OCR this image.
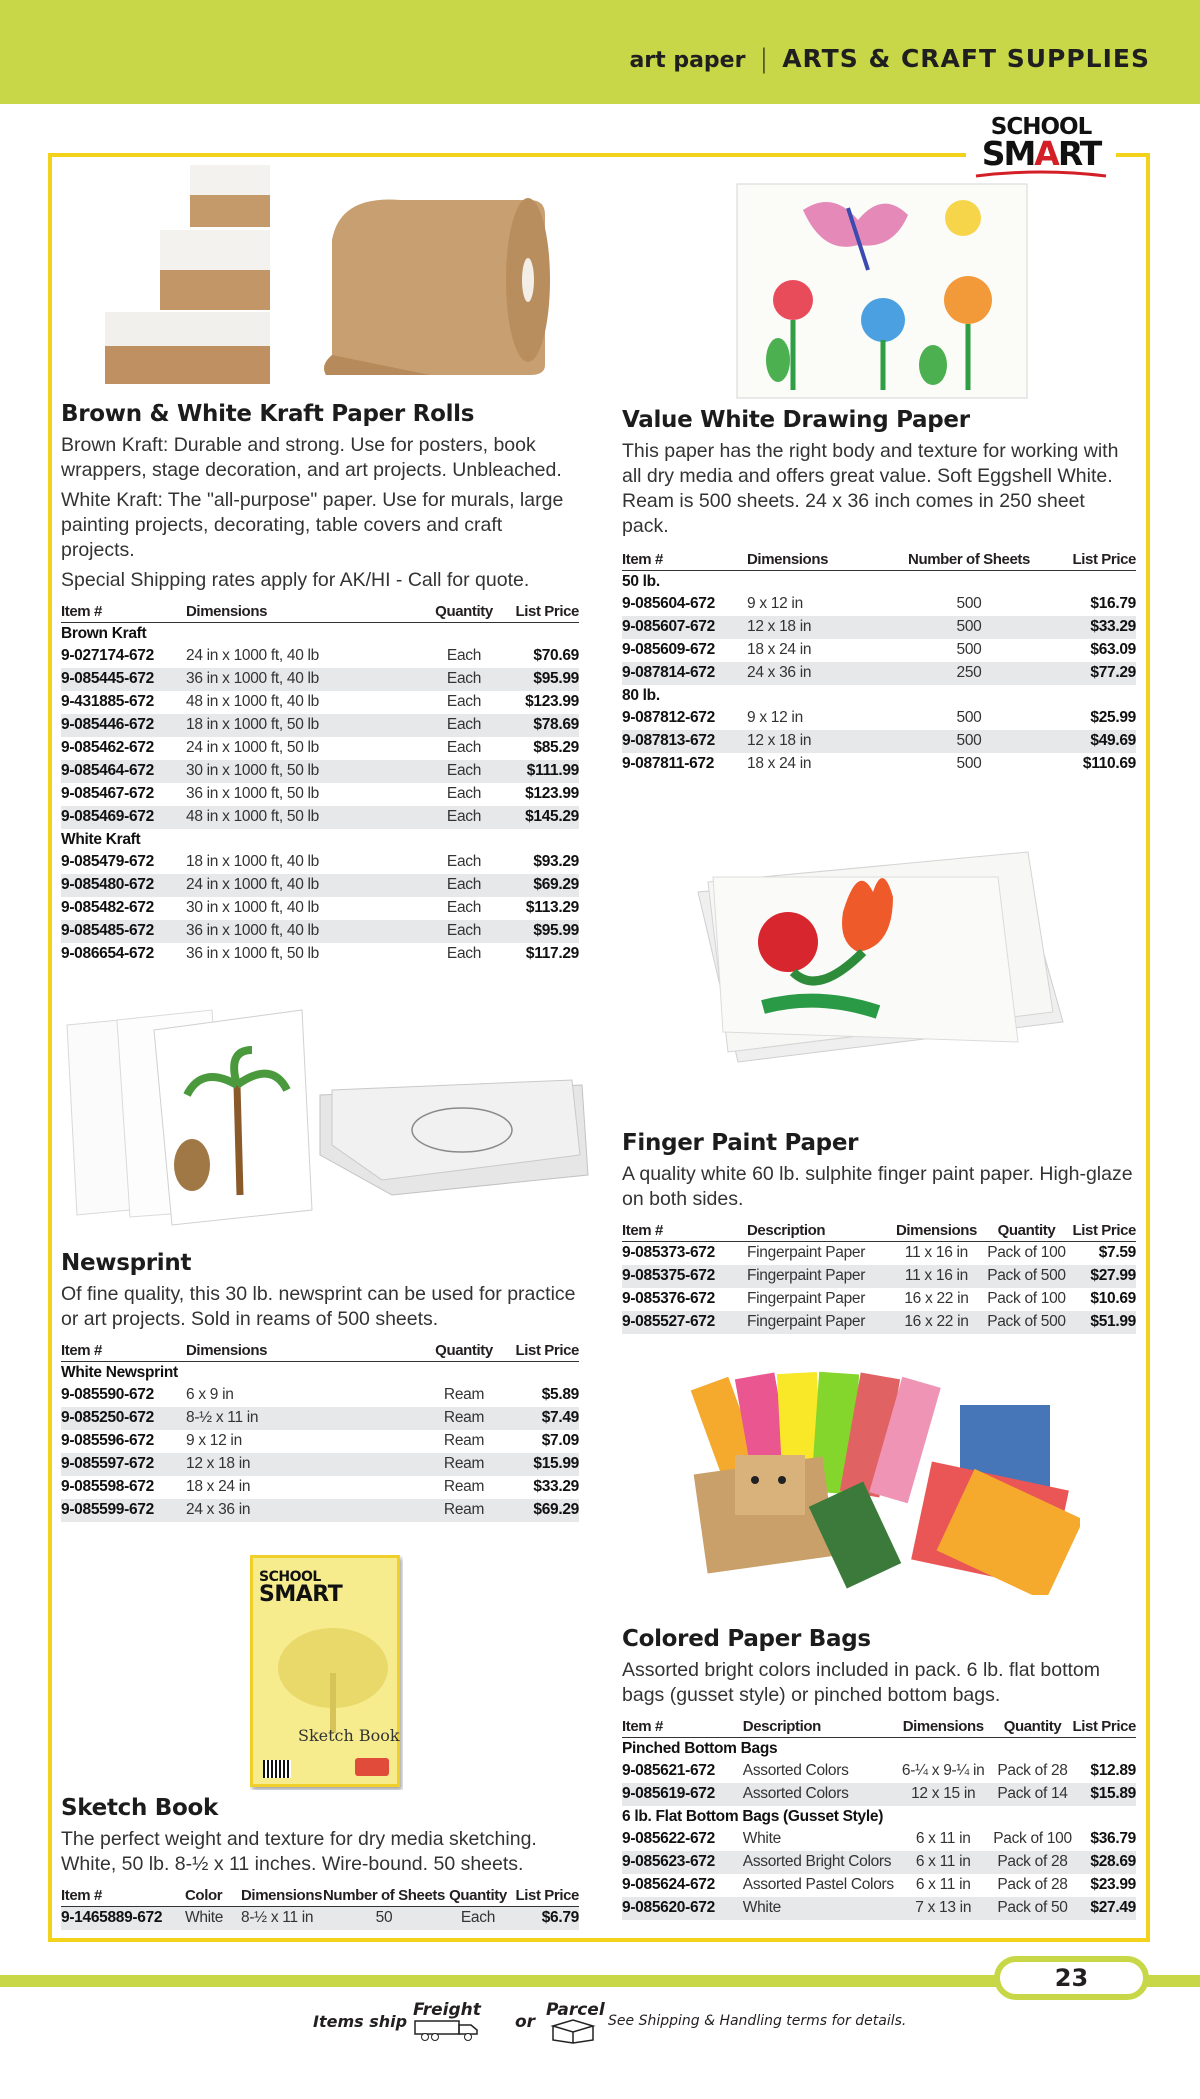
art paper | ARTS & CRAFT SUPPLIES
SCHOOL
SMART
Brown & White Kraft Paper Rolls

Brown Kraft: Durable and strong. Use for posters, book wrappers, stage decoration, and art projects. Unbleached.

White Kraft: The "all-purpose" paper. Use for murals, large painting projects, decorating, table covers and craft projects.

Special Shipping rates apply for AK/HI - Call for quote.

Item #	Dimensions	Quantity	List Price
Brown Kraft			
9-027174-672	24 in x 1000 ft, 40 lb	Each	$70.69
9-085445-672	36 in x 1000 ft, 40 lb	Each	$95.99
9-431885-672	48 in x 1000 ft, 40 lb	Each	$123.99
9-085446-672	18 in x 1000 ft, 50 lb	Each	$78.69
9-085462-672	24 in x 1000 ft, 50 lb	Each	$85.29
9-085464-672	30 in x 1000 ft, 50 lb	Each	$111.99
9-085467-672	36 in x 1000 ft, 50 lb	Each	$123.99
9-085469-672	48 in x 1000 ft, 50 lb	Each	$145.29
White Kraft			
9-085479-672	18 in x 1000 ft, 40 lb	Each	$93.29
9-085480-672	24 in x 1000 ft, 40 lb	Each	$69.29
9-085482-672	30 in x 1000 ft, 40 lb	Each	$113.29
9-085485-672	36 in x 1000 ft, 40 lb	Each	$95.99
9-086654-672	36 in x 1000 ft, 50 lb	Each	$117.29
Value White Drawing Paper

This paper has the right body and texture for working with all dry media and offers great value. Soft Eggshell White. Ream is 500 sheets. 24 x 36 inch comes in 250 sheet pack.

Item #	Dimensions	Number of Sheets	List Price
50 lb.			
9-085604-672	9 x 12 in	500	$16.79
9-085607-672	12 x 18 in	500	$33.29
9-085609-672	18 x 24 in	500	$63.09
9-087814-672	24 x 36 in	250	$77.29
80 lb.			
9-087812-672	9 x 12 in	500	$25.99
9-087813-672	12 x 18 in	500	$49.69
9-087811-672	18 x 24 in	500	$110.69
Finger Paint Paper

A quality white 60 lb. sulphite finger paint paper. High-glaze on both sides.

Item #	Description	Dimensions	Quantity	List Price
9-085373-672	Fingerpaint Paper	11 x 16 in	Pack of 100	$7.59
9-085375-672	Fingerpaint Paper	11 x 16 in	Pack of 500	$27.99
9-085376-672	Fingerpaint Paper	16 x 22 in	Pack of 100	$10.69
9-085527-672	Fingerpaint Paper	16 x 22 in	Pack of 500	$51.99
Newsprint

Of fine quality, this 30 lb. newsprint can be used for practice or art projects. Sold in reams of 500 sheets.

Item #	Dimensions	Quantity	List Price
White Newsprint			
9-085590-672	6 x 9 in	Ream	$5.89
9-085250-672	8-½ x 11 in	Ream	$7.49
9-085596-672	9 x 12 in	Ream	$7.09
9-085597-672	12 x 18 in	Ream	$15.99
9-085598-672	18 x 24 in	Ream	$33.29
9-085599-672	24 x 36 in	Ream	$69.29
SCHOOL
SMART
Sketch Book
Colored Paper Bags

Assorted bright colors included in pack. 6 lb. flat bottom bags (gusset style) or pinched bottom bags.

Item #	Description	Dimensions	Quantity	List Price
Pinched Bottom Bags				
9-085621-672	Assorted Colors	6-¼ x 9-¼ in	Pack of 28	$12.89
9-085619-672	Assorted Colors	12 x 15 in	Pack of 14	$15.89
6 lb. Flat Bottom Bags (Gusset Style)				
9-085622-672	White	6 x 11 in	Pack of 100	$36.79
9-085623-672	Assorted Bright Colors	6 x 11 in	Pack of 28	$28.69
9-085624-672	Assorted Pastel Colors	6 x 11 in	Pack of 28	$23.99
9-085620-672	White	7 x 13 in	Pack of 50	$27.49
Sketch Book

The perfect weight and texture for dry media sketching. White, 50 lb. 8-½ x 11 inches. Wire-bound. 50 sheets.

Item #	Color	Dimensions	Number of Sheets	Quantity	List Price
9-1465889-672	White	8-½ x 11 in	50	Each	$6.79
23
Items ship
Freight
or
Parcel
See Shipping & Handling terms for details.
